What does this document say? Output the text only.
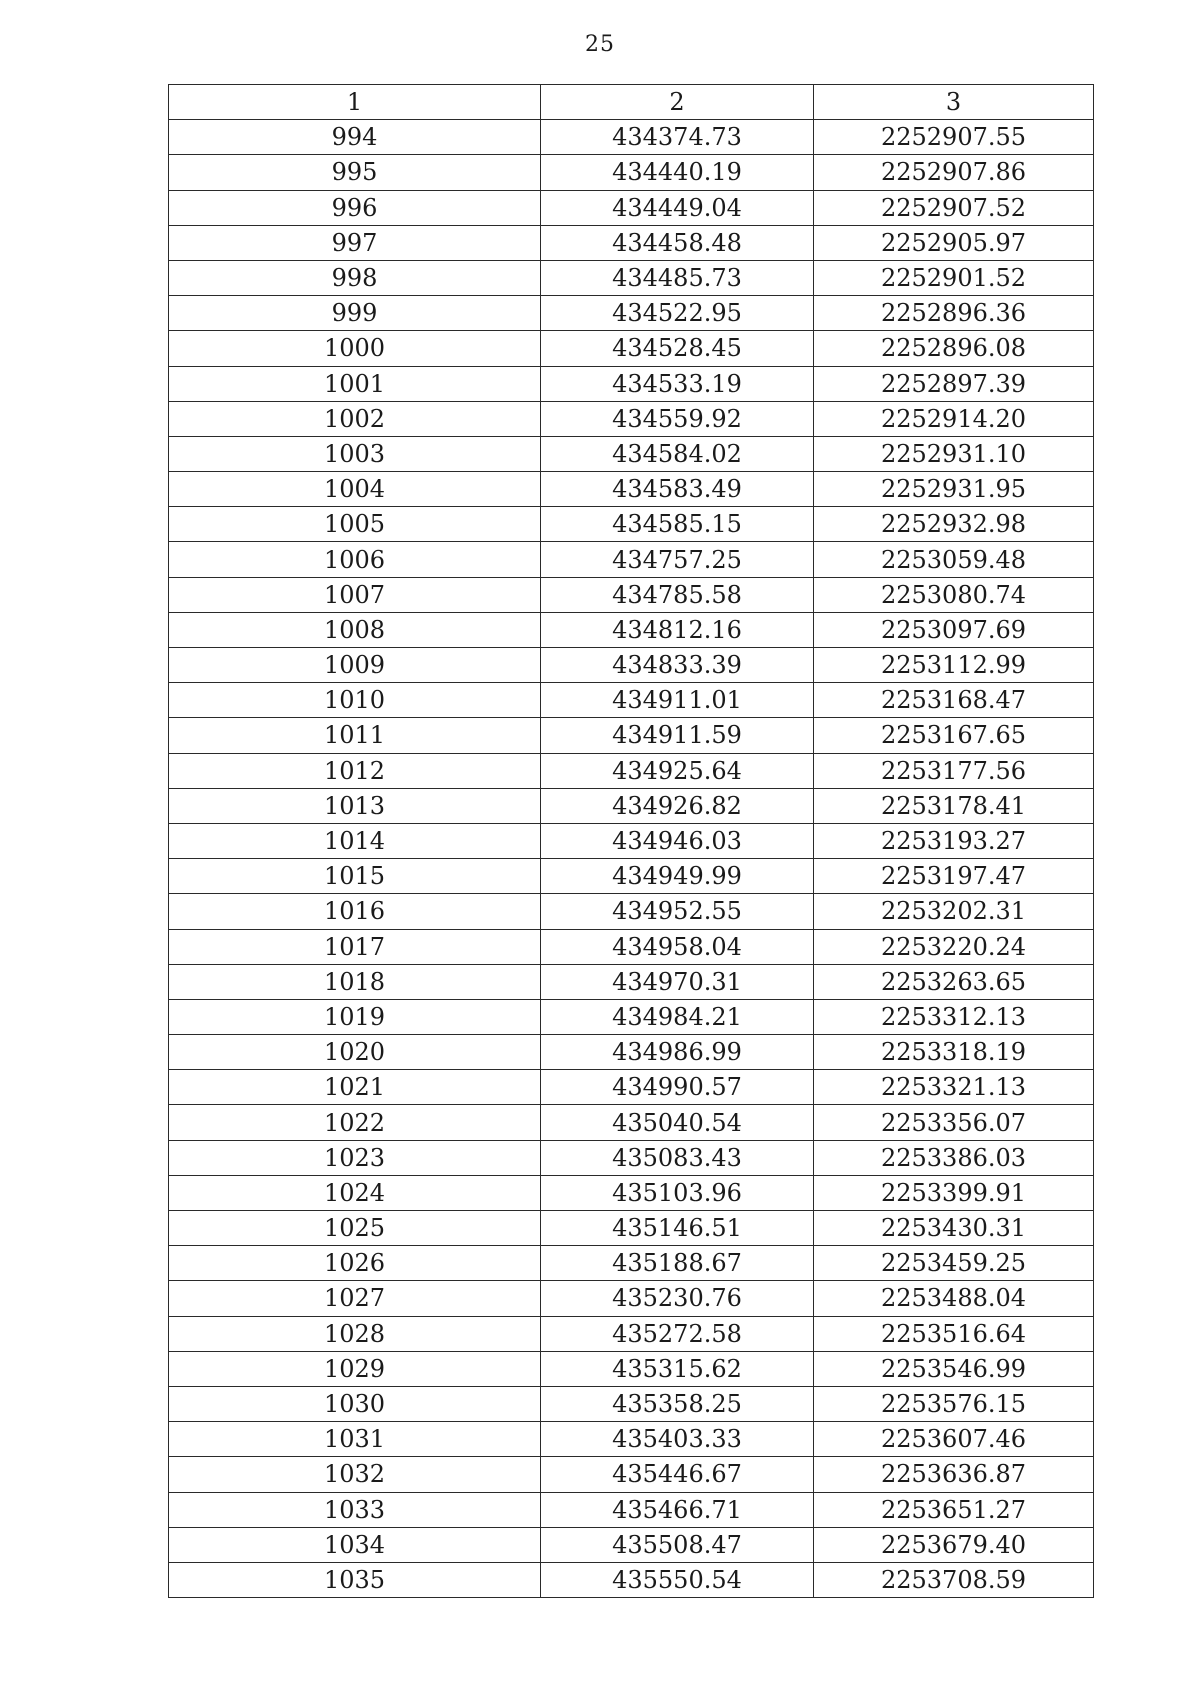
25
1	2	3
994	434374.73	2252907.55
995	434440.19	2252907.86
996	434449.04	2252907.52
997	434458.48	2252905.97
998	434485.73	2252901.52
999	434522.95	2252896.36
1000	434528.45	2252896.08
1001	434533.19	2252897.39
1002	434559.92	2252914.20
1003	434584.02	2252931.10
1004	434583.49	2252931.95
1005	434585.15	2252932.98
1006	434757.25	2253059.48
1007	434785.58	2253080.74
1008	434812.16	2253097.69
1009	434833.39	2253112.99
1010	434911.01	2253168.47
1011	434911.59	2253167.65
1012	434925.64	2253177.56
1013	434926.82	2253178.41
1014	434946.03	2253193.27
1015	434949.99	2253197.47
1016	434952.55	2253202.31
1017	434958.04	2253220.24
1018	434970.31	2253263.65
1019	434984.21	2253312.13
1020	434986.99	2253318.19
1021	434990.57	2253321.13
1022	435040.54	2253356.07
1023	435083.43	2253386.03
1024	435103.96	2253399.91
1025	435146.51	2253430.31
1026	435188.67	2253459.25
1027	435230.76	2253488.04
1028	435272.58	2253516.64
1029	435315.62	2253546.99
1030	435358.25	2253576.15
1031	435403.33	2253607.46
1032	435446.67	2253636.87
1033	435466.71	2253651.27
1034	435508.47	2253679.40
1035	435550.54	2253708.59
